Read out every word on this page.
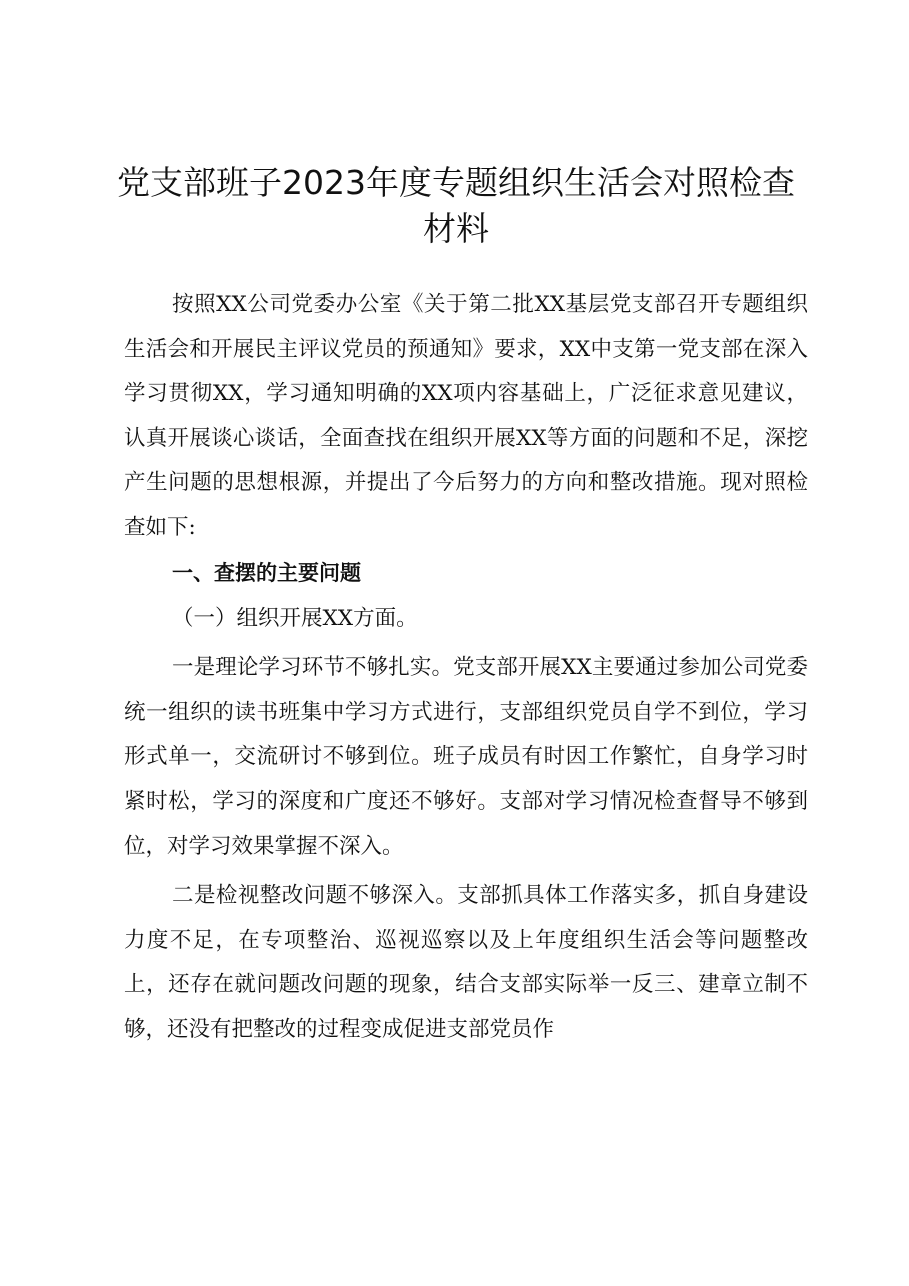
党支部班子2023年度专题组织生活会对照检查材料

按照XX公司党委办公室《关于第二批XX基层党支部召开专题组织生活会和开展民主评议党员的预通知》要求，XX中支第一党支部在深入学习贯彻XX，学习通知明确的XX项内容基础上，广泛征求意见建议，认真开展谈心谈话，全面查找在组织开展XX等方面的问题和不足，深挖产生问题的思想根源，并提出了今后努力的方向和整改措施。现对照检查如下:

一、查摆的主要问题

（一）组织开展XX方面。

一是理论学习环节不够扎实。党支部开展XX主要通过参加公司党委统一组织的读书班集中学习方式进行，支部组织党员自学不到位，学习形式单一，交流研讨不够到位。班子成员有时因工作繁忙，自身学习时紧时松，学习的深度和广度还不够好。支部对学习情况检查督导不够到位，对学习效果掌握不深入。

二是检视整改问题不够深入。支部抓具体工作落实多，抓自身建设力度不足，在专项整治、巡视巡察以及上年度组织生活会等问题整改上，还存在就问题改问题的现象，结合支部实际举一反三、建章立制不够，还没有把整改的过程变成促进支部党员作
